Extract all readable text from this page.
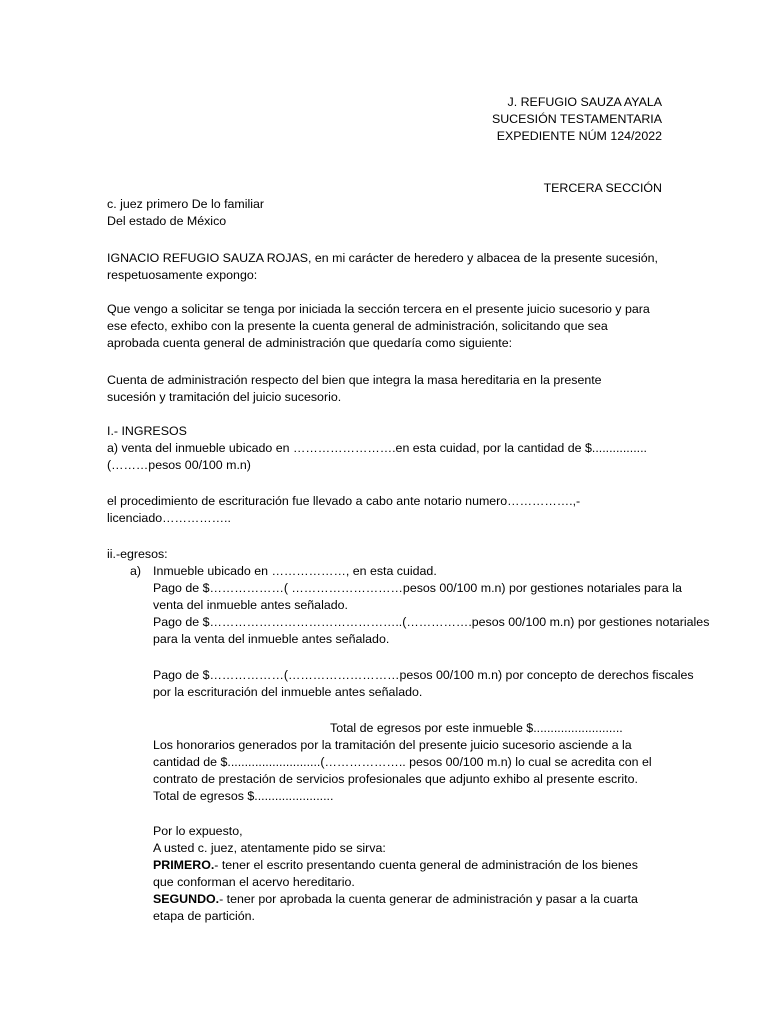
J. REFUGIO SAUZA AYALA
SUCESIÓN TESTAMENTARIA
EXPEDIENTE NÚM 124/2022
TERCERA SECCIÓN
c. juez primero De lo familiar
Del estado de México
IGNACIO REFUGIO SAUZA ROJAS, en mi carácter de heredero y albacea de la presente sucesión,
respetuosamente expongo:
Que vengo a solicitar se tenga por iniciada la sección tercera en el presente juicio sucesorio y para
ese efecto, exhibo con la presente la cuenta general de administración, solicitando que sea
aprobada cuenta general de administración que quedaría como siguiente:
Cuenta de administración respecto del bien que integra la masa hereditaria en la presente
sucesión y tramitación del juicio sucesorio.
I.- INGRESOS
a) venta del inmueble ubicado en …………………….en esta cuidad, por la cantidad de $................
(………pesos 00/100 m.n)
el procedimiento de escrituración fue llevado a cabo ante notario numero…………….,-
licenciado……………..
ii.-egresos:
a) Inmueble ubicado en ………………, en esta cuidad.
Pago de $………………( ………………………pesos 00/100 m.n) por gestiones notariales para la
venta del inmueble antes señalado.
Pago de $………………………………………..(…………….pesos 00/100 m.n) por gestiones notariales
para la venta del inmueble antes señalado.
Pago de $………………(………………………pesos 00/100 m.n) por concepto de derechos fiscales
por la escrituración del inmueble antes señalado.
Total de egresos por este inmueble $..........................
Los honorarios generados por la tramitación del presente juicio sucesorio asciende a la
cantidad de $...........................(……………….. pesos 00/100 m.n) lo cual se acredita con el
contrato de prestación de servicios profesionales que adjunto exhibo al presente escrito.
Total de egresos $.......................
Por lo expuesto,
A usted c. juez, atentamente pido se sirva:
PRIMERO.- tener el escrito presentando cuenta general de administración de los bienes
que conforman el acervo hereditario.
SEGUNDO.- tener por aprobada la cuenta generar de administración y pasar a la cuarta
etapa de partición.
